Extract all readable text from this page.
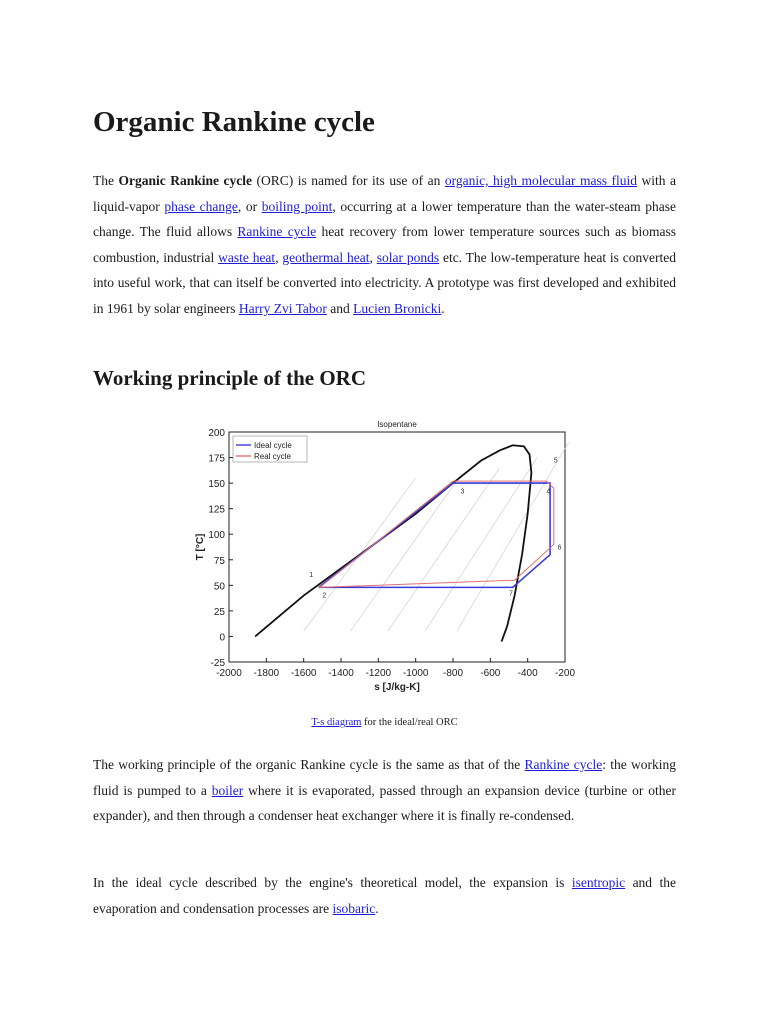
Organic Rankine cycle

The Organic Rankine cycle (ORC) is named for its use of an organic, high molecular mass fluid with a liquid-vapor phase change, or boiling point, occurring at a lower temperature than the water-steam phase change. The fluid allows Rankine cycle heat recovery from lower temperature sources such as biomass combustion, industrial waste heat, geothermal heat, solar ponds etc. The low-temperature heat is converted into useful work, that can itself be converted into electricity. A prototype was first developed and exhibited in 1961 by solar engineers Harry Zvi Tabor and Lucien Bronicki.

Working principle of the ORC
Isopentane
-25
0
25
50
75
100
125
150
175
200
-2000 -1800 -1600 -1400 -1200 -1000 -800 -600 -400 -200
s [J/kg-K]
T [°C]
1
2
3	4
5
6
7
Ideal cycle
Real cycle
T-s diagram for the ideal/real ORC

The working principle of the organic Rankine cycle is the same as that of the Rankine cycle: the working fluid is pumped to a boiler where it is evaporated, passed through an expansion device (turbine or other expander), and then through a condenser heat exchanger where it is finally re-condensed.

In the ideal cycle described by the engine's theoretical model, the expansion is isentropic and the evaporation and condensation processes are isobaric.
